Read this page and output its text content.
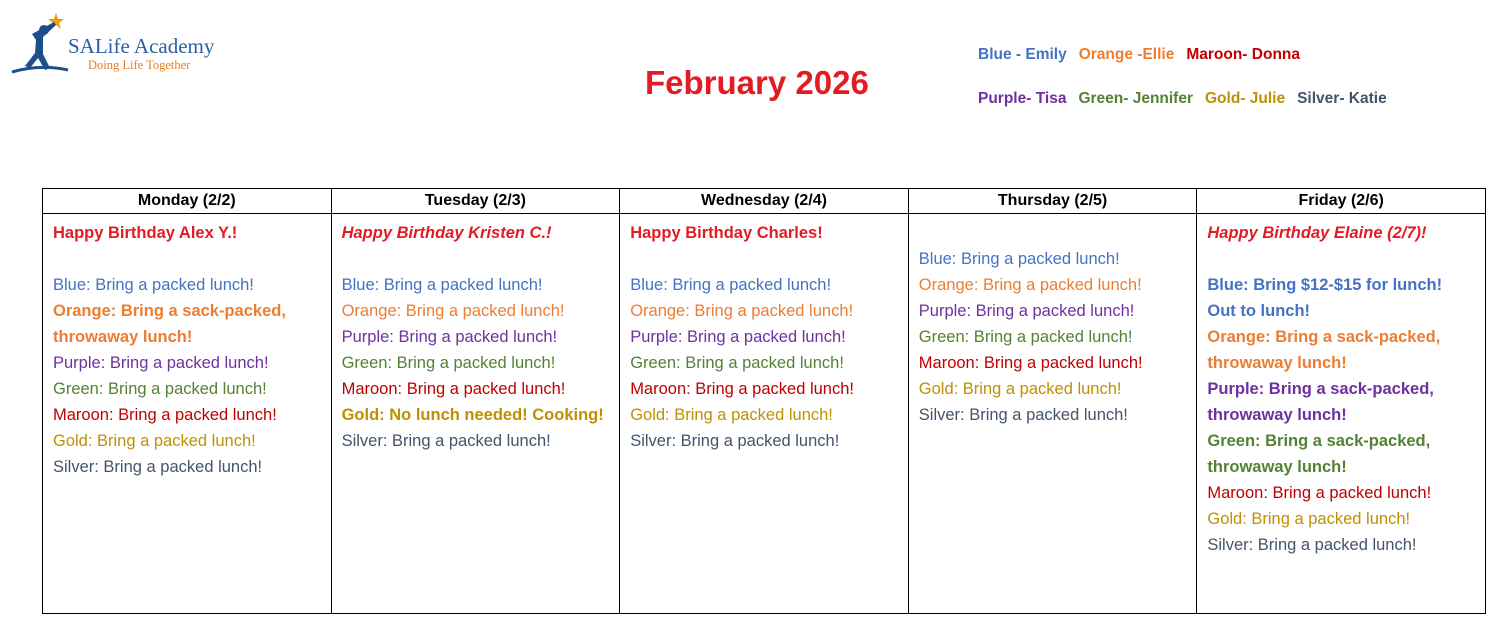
SALife Academy
Doing Life Together	February 2026
Blue - Emily Orange -Ellie Maroon- Donna
Purple- Tisa Green- Jennifer Gold- Julie Silver- Katie
Monday (2/2)
Happy Birthday Alex Y.!
Blue: Bring a packed lunch!
Orange: Bring a sack-packed, throwaway lunch!
Purple: Bring a packed lunch!
Green: Bring a packed lunch!
Maroon: Bring a packed lunch!
Gold: Bring a packed lunch!
Silver: Bring a packed lunch!
Tuesday (2/3)
Happy Birthday Kristen C.!
Blue: Bring a packed lunch!
Orange: Bring a packed lunch!
Purple: Bring a packed lunch!
Green: Bring a packed lunch!
Maroon: Bring a packed lunch!
Gold: No lunch needed! Cooking!
Silver: Bring a packed lunch!
Wednesday (2/4)
Happy Birthday Charles!
Blue: Bring a packed lunch!
Orange: Bring a packed lunch!
Purple: Bring a packed lunch!
Green: Bring a packed lunch!
Maroon: Bring a packed lunch!
Gold: Bring a packed lunch!
Silver: Bring a packed lunch!
Thursday (2/5)
Blue: Bring a packed lunch!
Orange: Bring a packed lunch!
Purple: Bring a packed lunch!
Green: Bring a packed lunch!
Maroon: Bring a packed lunch!
Gold: Bring a packed lunch!
Silver: Bring a packed lunch!
Friday (2/6)
Happy Birthday Elaine (2/7)!
Blue: Bring $12-$15 for lunch! Out to lunch!
Orange: Bring a sack-packed, throwaway lunch!
Purple: Bring a sack-packed, throwaway lunch!
Green: Bring a sack-packed, throwaway lunch!
Maroon: Bring a packed lunch!
Gold: Bring a packed lunch!
Silver: Bring a packed lunch!
